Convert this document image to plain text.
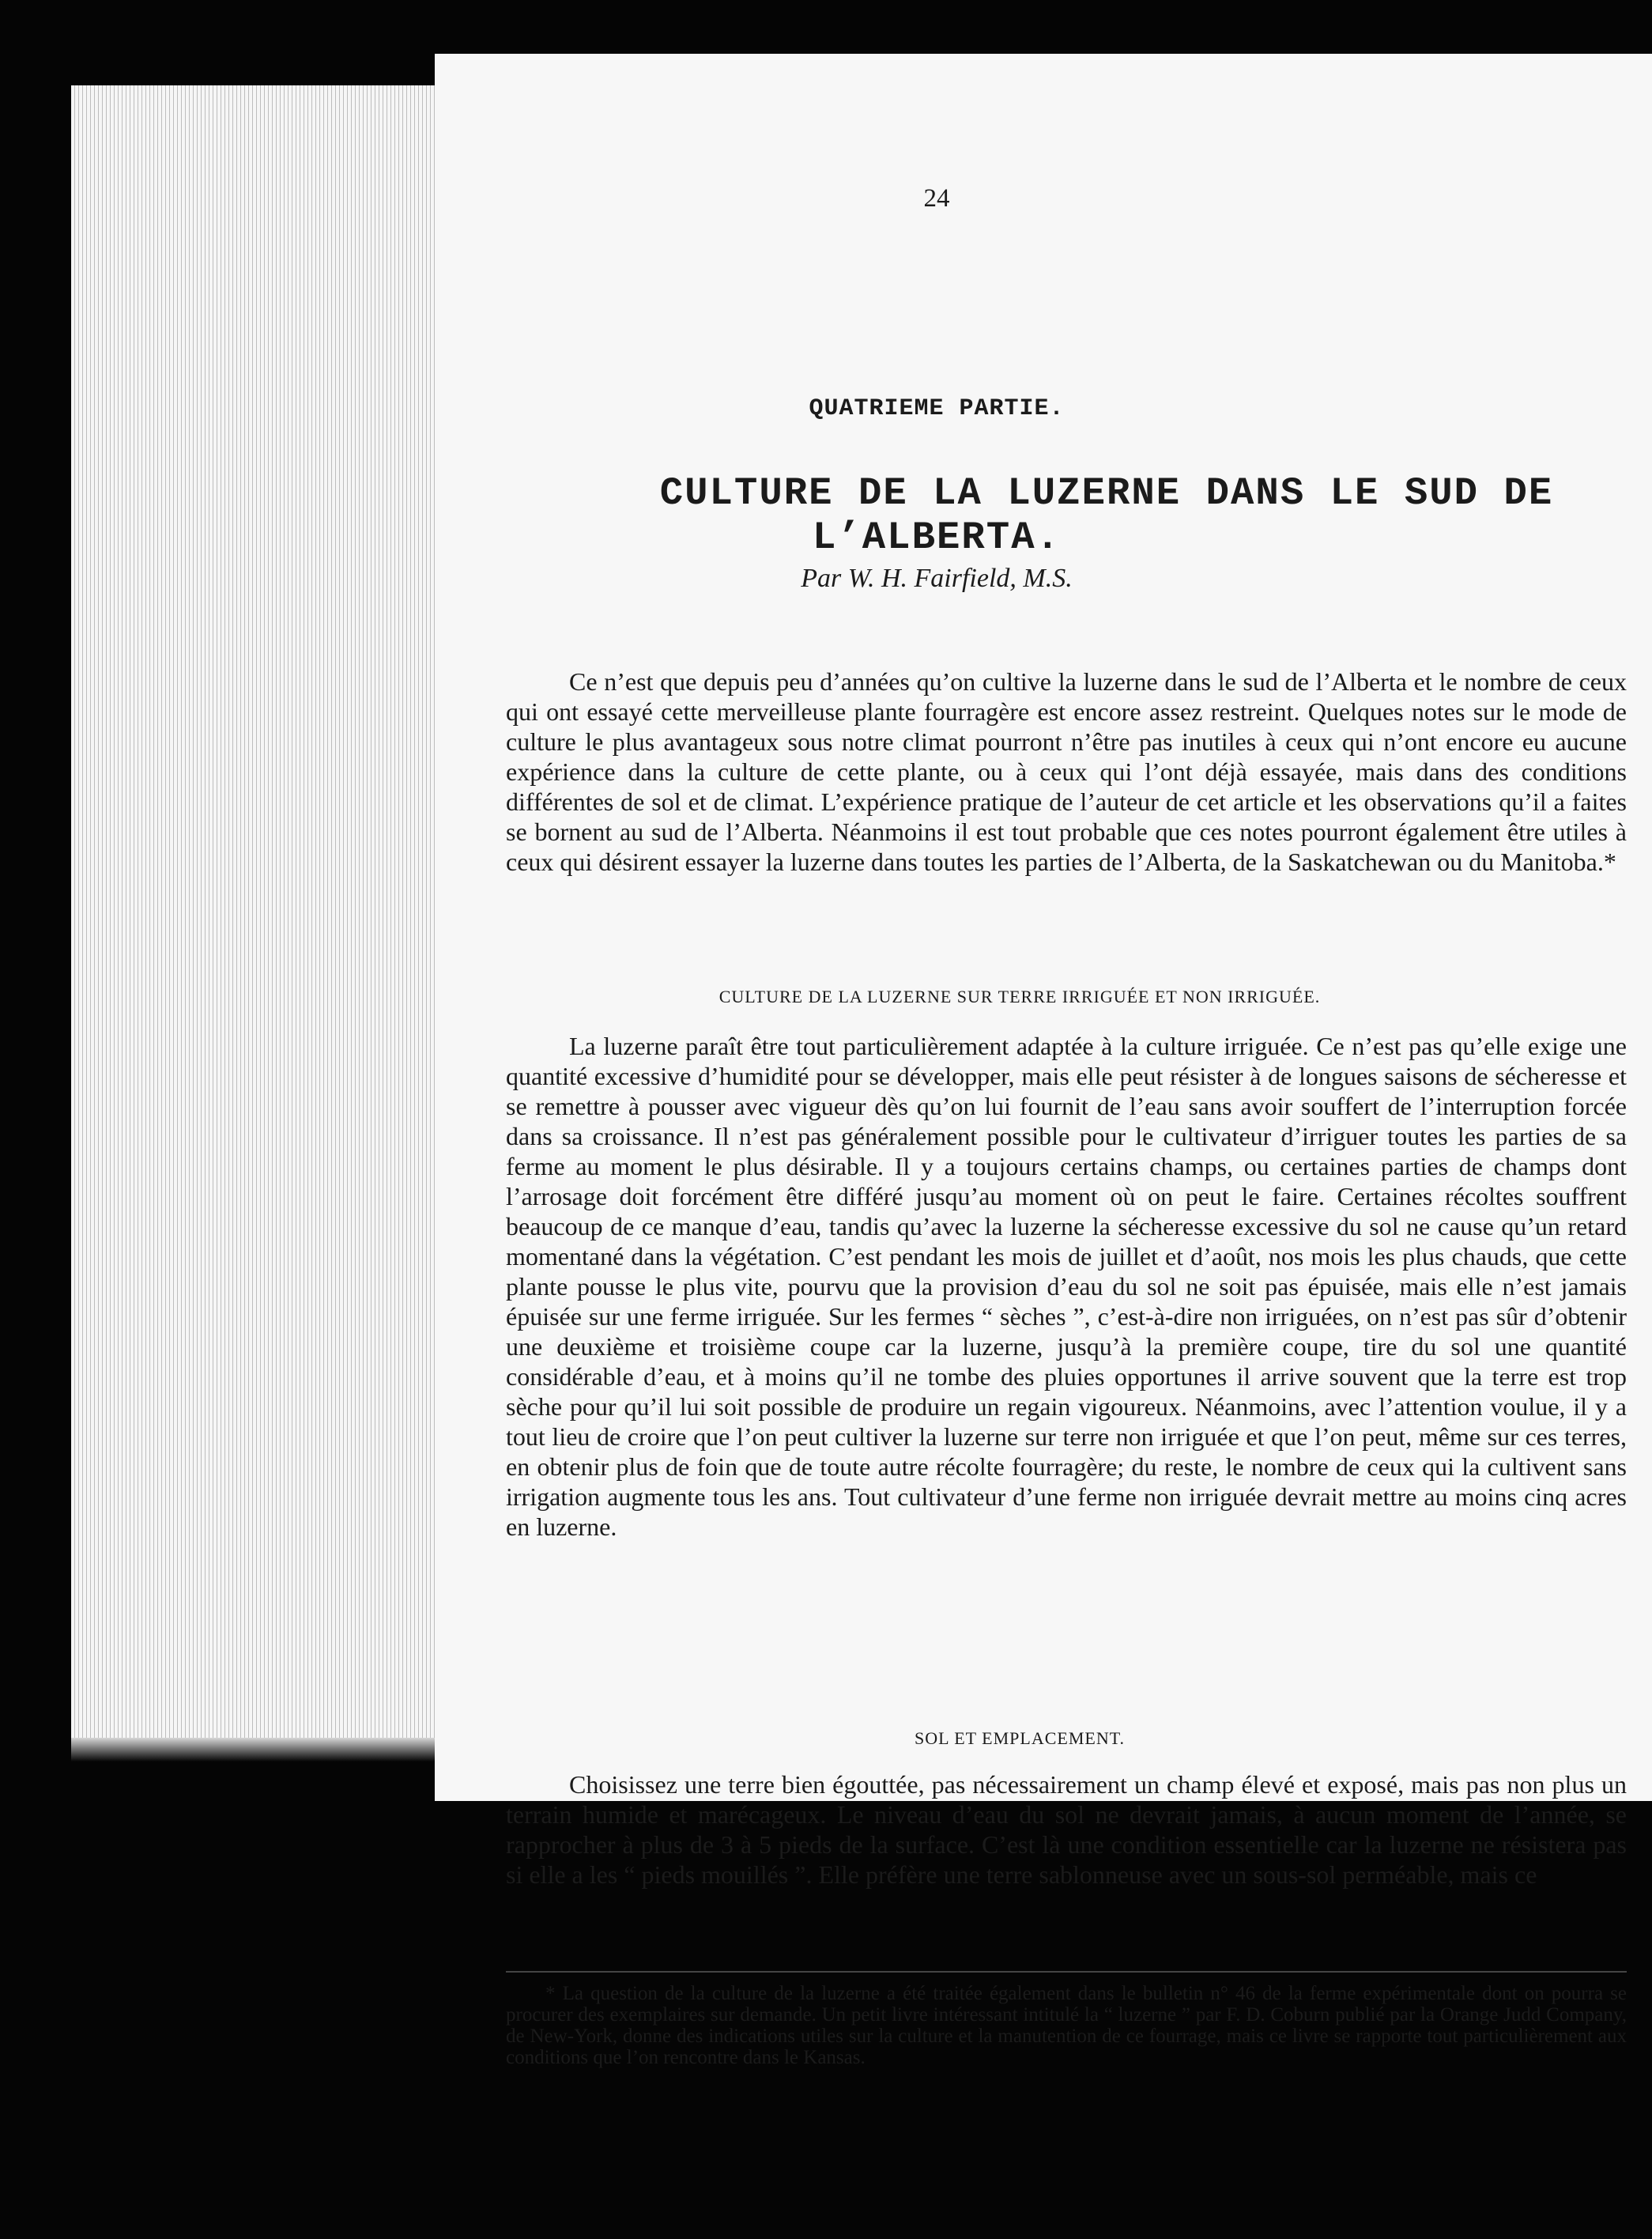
24
QUATRIEME PARTIE.
CULTURE DE LA LUZERNE DANS LE SUD DE
L’ALBERTA.
Par W. H. Fairfield, M.S.

Ce n’est que depuis peu d’années qu’on cultive la luzerne dans le sud de l’Alberta et le nombre de ceux qui ont essayé cette merveilleuse plante fourragère est encore assez restreint. Quelques notes sur le mode de culture le plus avantageux sous notre climat pourront n’être pas inutiles à ceux qui n’ont encore eu aucune expérience dans la culture de cette plante, ou à ceux qui l’ont déjà essayée, mais dans des conditions différentes de sol et de climat. L’expérience pratique de l’auteur de cet article et les observations qu’il a faites se bornent au sud de l’Alberta. Néanmoins il est tout probable que ces notes pourront également être utiles à ceux qui désirent essayer la luzerne dans toutes les parties de l’Alberta, de la Saskatchewan ou du Manitoba.*

CULTURE DE LA LUZERNE SUR TERRE IRRIGUÉE ET NON IRRIGUÉE.

La luzerne paraît être tout particulièrement adaptée à la culture irriguée. Ce n’est pas qu’elle exige une quantité excessive d’humidité pour se développer, mais elle peut résister à de longues saisons de sécheresse et se remettre à pousser avec vigueur dès qu’on lui fournit de l’eau sans avoir souffert de l’interruption forcée dans sa croissance. Il n’est pas généralement possible pour le cultivateur d’irriguer toutes les parties de sa ferme au moment le plus désirable. Il y a toujours certains champs, ou certaines parties de champs dont l’arrosage doit forcément être différé jusqu’au moment où on peut le faire. Certaines récoltes souffrent beaucoup de ce manque d’eau, tandis qu’avec la luzerne la sécheresse excessive du sol ne cause qu’un retard momentané dans la végétation. C’est pendant les mois de juillet et d’août, nos mois les plus chauds, que cette plante pousse le plus vite, pourvu que la provision d’eau du sol ne soit pas épuisée, mais elle n’est jamais épuisée sur une ferme irriguée. Sur les fermes “ sèches ”, c’est-à-dire non irriguées, on n’est pas sûr d’obtenir une deuxième et troisième coupe car la luzerne, jusqu’à la première coupe, tire du sol une quantité considérable d’eau, et à moins qu’il ne tombe des pluies opportunes il arrive souvent que la terre est trop sèche pour qu’il lui soit possible de produire un regain vigoureux. Néanmoins, avec l’attention voulue, il y a tout lieu de croire que l’on peut cultiver la luzerne sur terre non irriguée et que l’on peut, même sur ces terres, en obtenir plus de foin que de toute autre récolte fourragère; du reste, le nombre de ceux qui la cultivent sans irrigation augmente tous les ans. Tout cultivateur d’une ferme non irriguée devrait mettre au moins cinq acres en luzerne.

SOL ET EMPLACEMENT.

Choisissez une terre bien égouttée, pas nécessairement un champ élevé et exposé, mais pas non plus un terrain humide et marécageux. Le niveau d’eau du sol ne devrait jamais, à aucun moment de l’année, se rapprocher à plus de 3 à 5 pieds de la surface. C’est là une condition essentielle car la luzerne ne résistera pas si elle a les “ pieds mouillés ”. Elle préfère une terre sablonneuse avec un sous-sol perméable, mais ce

* La question de la culture de la luzerne a été traitée également dans le bulletin n° 46 de la ferme expérimentale dont on pourra se procurer des exemplaires sur demande. Un petit livre intéressant intitulé la “ luzerne ” par F. D. Coburn publié par la Orange Judd Company, de New-York, donne des indications utiles sur la culture et la manutention de ce fourrage, mais ce livre se rapporte tout particulièrement aux conditions que l’on rencontre dans le Kansas.
